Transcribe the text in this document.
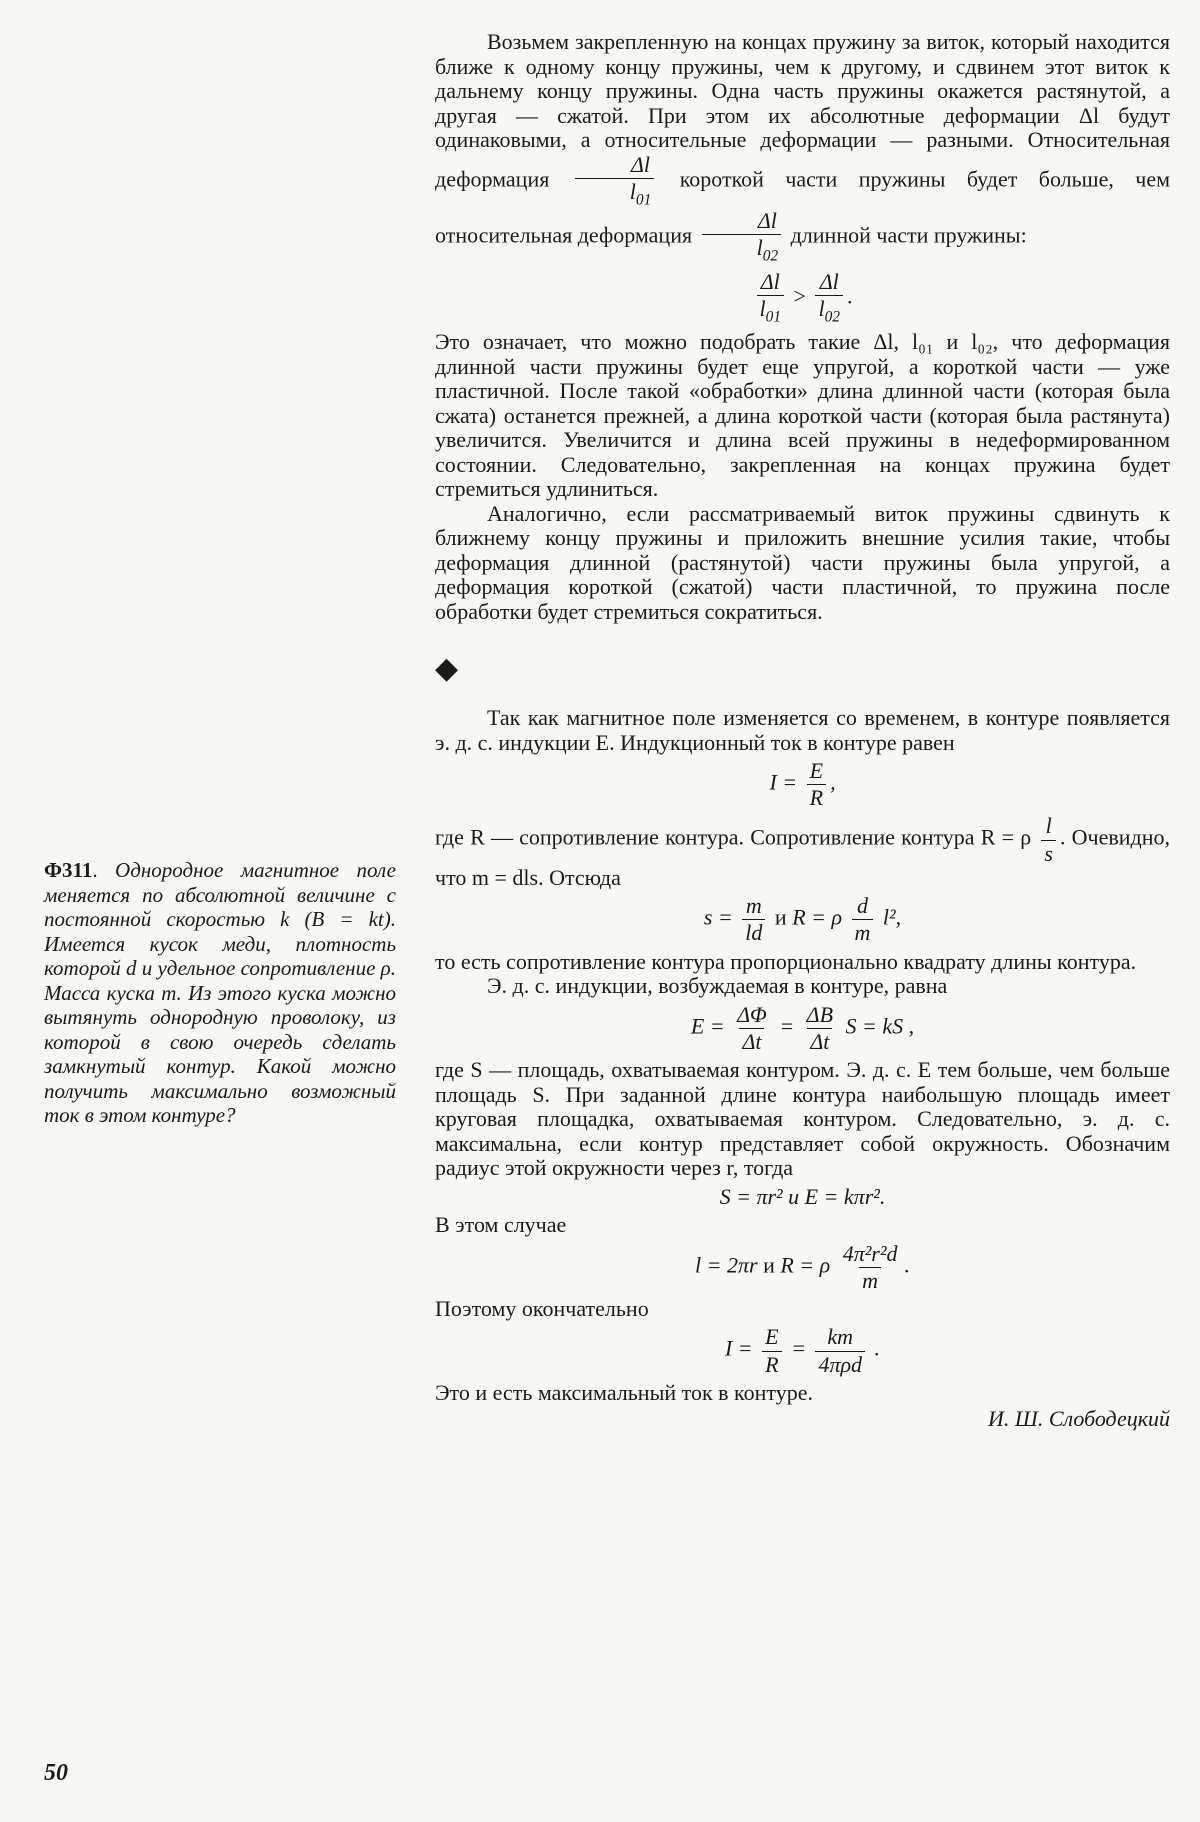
Возьмем закрепленную на концах пружину за виток, который находится ближе к одному концу пружины, чем к другому, и сдвинем этот виток к дальнему концу пружины. Одна часть пружины окажется растянутой, а другая — сжатой. При этом их абсолютные деформации Δl будут одинаковыми, а относительные деформации — разными. Относительная деформация $\frac{\Delta l}{l_{01}}$ короткой части пружины будет больше, чем относительная деформация $\frac{\Delta l}{l_{02}}$ длинной части пружины:

$\frac{\Delta l}{l_{01}} > \frac{\Delta l}{l_{02}}$ .

Это означает, что можно подобрать такие Δl, l₀₁ и l₀₂, что деформация длинной части пружины будет еще упругой, а короткой части — уже пластичной. После такой «обработки» длина длинной части (которая была сжата) останется прежней, а длина короткой части (которая была растянута) увеличится. Увеличится и длина всей пружины в недеформированном состоянии. Следовательно, закрепленная на концах пружина будет стремиться удлиниться.

Аналогично, если рассматриваемый виток пружины сдвинуть к ближнему концу пружины и приложить внешние усилия такие, чтобы деформация длинной (растянутой) части пружины была упругой, а деформация короткой (сжатой) части пластичной, то пружина после обработки будет стремиться сократиться.

◆

Так как магнитное поле изменяется со временем, в контуре появляется э. д. с. индукции E. Индукционный ток в контуре равен

$I = \frac{E}{R}$ ,

где R — сопротивление контура. Сопротивление контура R = ρ $\frac{l}{s}$ . Очевидно, что m = dls. Отсюда

$s = \frac{m}{ld}$ и R = ρ $\frac{d}{m} l^2$,

то есть сопротивление контура пропорционально квадрату длины контура.

Э. д. с. индукции, возбуждаемая в контуре, равна

$E = \frac{\Delta\Phi}{\Delta t} = \frac{\Delta B}{\Delta t}$ S = kS ,

где S — площадь, охватываемая контуром. Э. д. с. E тем больше, чем больше площадь S. При заданной длине контура наибольшую площадь имеет круговая площадка, охватываемая контуром. Следовательно, э. д. с. максимальна, если контур представляет собой окружность. Обозначим радиус этой окружности через r, тогда

S = πr² и E = kπr².

В этом случае

l = 2πr и R = ρ $\frac{\text{4π²r²d}}{m}$ .

Поэтому окончательно

$I = \frac{E}{R} = \frac{km}{\text{4πρd}}$ .

Это и есть максимальный ток в контуре.

И. Ш. Слободецкий
Ф311. Однородное магнитное поле меняется по абсолютной величине с постоянной скоростью k (B = kt). Имеется кусок меди, плотность которой d и удельное сопротивление ρ. Масса куска m. Из этого куска можно вытянуть однородную проволоку, из которой в свою очередь сделать замкнутый контур. Какой можно получить максимально возможный ток в этом контуре?
50
